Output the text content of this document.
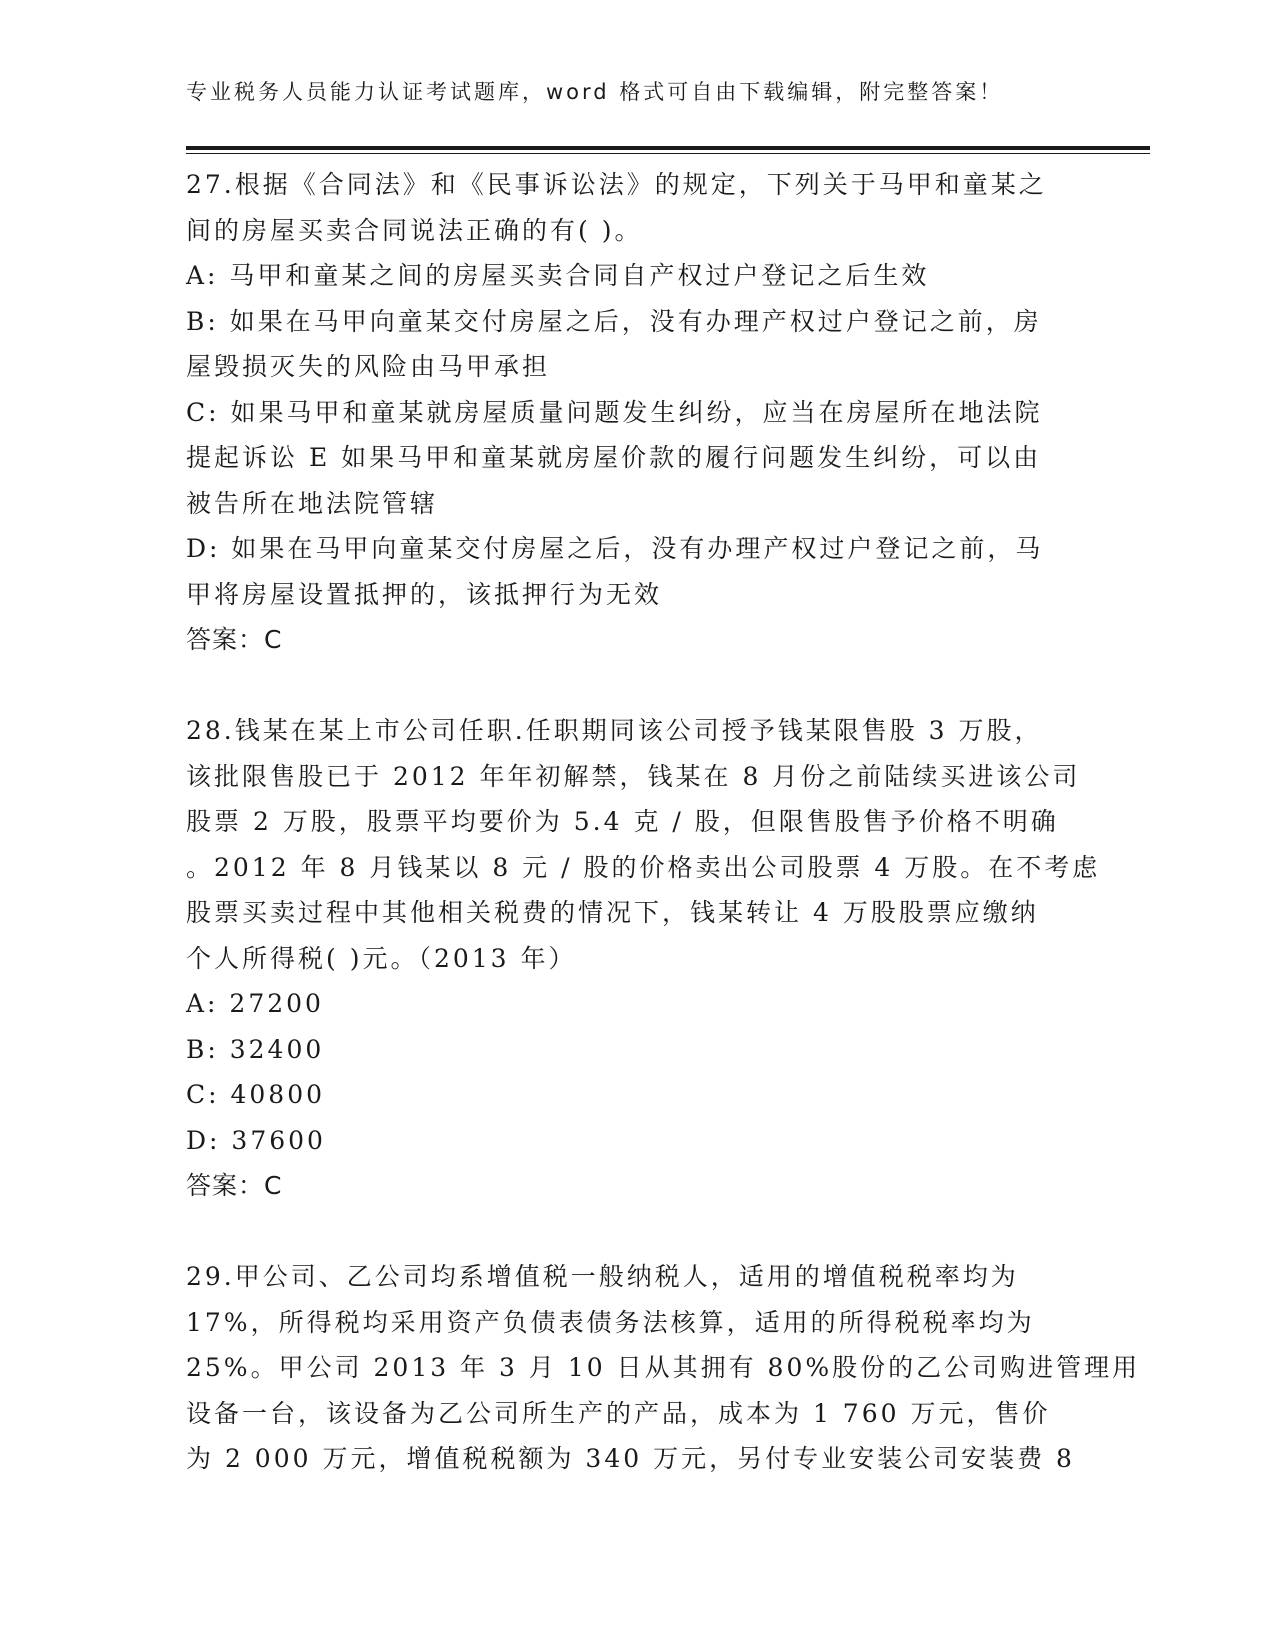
专业税务人员能力认证考试题库，word 格式可自由下载编辑，附完整答案！
27.根据《合同法》和《民事诉讼法》的规定，下列关于马甲和童某之
间的房屋买卖合同说法正确的有( )。
A: 马甲和童某之间的房屋买卖合同自产权过户登记之后生效
B: 如果在马甲向童某交付房屋之后，没有办理产权过户登记之前，房
屋毁损灭失的风险由马甲承担
C: 如果马甲和童某就房屋质量问题发生纠纷，应当在房屋所在地法院
提起诉讼 E 如果马甲和童某就房屋价款的履行问题发生纠纷，可以由
被告所在地法院管辖
D: 如果在马甲向童某交付房屋之后，没有办理产权过户登记之前，马
甲将房屋设置抵押的，该抵押行为无效
答案：C
28.钱某在某上市公司任职.任职期同该公司授予钱某限售股 3 万股，
该批限售股已于 2012 年年初解禁，钱某在 8 月份之前陆续买进该公司
股票 2 万股，股票平均要价为 5.4 克 / 股，但限售股售予价格不明确
。2012 年 8 月钱某以 8 元 / 股的价格卖出公司股票 4 万股。在不考虑
股票买卖过程中其他相关税费的情况下，钱某转让 4 万股股票应缴纳
个人所得税( )元。（2013 年）
A: 27200
B: 32400
C: 40800
D: 37600
答案：C
29.甲公司、乙公司均系增值税一般纳税人，适用的增值税税率均为
17%，所得税均采用资产负债表债务法核算，适用的所得税税率均为
25%。甲公司 2013 年 3 月 10 日从其拥有 80%股份的乙公司购进管理用
设备一台，该设备为乙公司所生产的产品，成本为 1 760 万元，售价
为 2 000 万元，增值税税额为 340 万元，另付专业安装公司安装费 8
